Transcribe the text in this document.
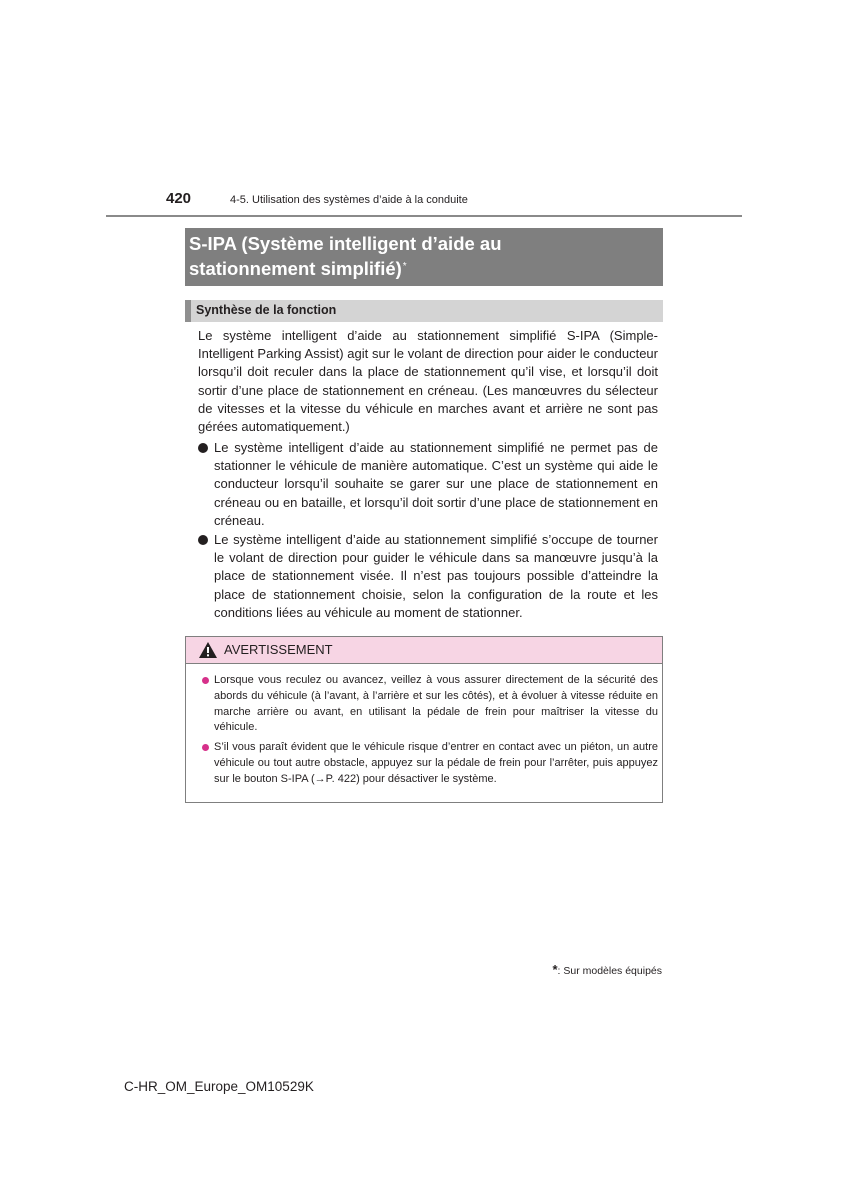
420	4-5. Utilisation des systèmes d’aide à la conduite
S-IPA (Système intelligent d’aide au
stationnement simplifié)*
Synthèse de la fonction
Le système intelligent d’aide au stationnement simplifié S-IPA (Simple-Intelligent Parking Assist) agit sur le volant de direction pour aider le conducteur lorsqu’il doit reculer dans la place de stationnement qu’il vise, et lorsqu’il doit sortir d’une place de stationnement en créneau. (Les manœuvres du sélecteur de vitesses et la vitesse du véhicule en marches avant et arrière ne sont pas gérées automatiquement.)
Le système intelligent d’aide au stationnement simplifié ne permet pas de stationner le véhicule de manière automatique. C’est un système qui aide le conducteur lorsqu’il souhaite se garer sur une place de stationnement en créneau ou en bataille, et lorsqu’il doit sortir d’une place de stationnement en créneau.
Le système intelligent d’aide au stationnement simplifié s’occupe de tourner le volant de direction pour guider le véhicule dans sa manœuvre jusqu’à la place de stationnement visée. Il n’est pas toujours possible d’atteindre la place de stationnement choisie, selon la configuration de la route et les conditions liées au véhicule au moment de stationner.
AVERTISSEMENT
Lorsque vous reculez ou avancez, veillez à vous assurer directement de la sécurité des abords du véhicule (à l’avant, à l’arrière et sur les côtés), et à évoluer à vitesse réduite en marche arrière ou avant, en utilisant la pédale de frein pour maîtriser la vitesse du véhicule.
S’il vous paraît évident que le véhicule risque d’entrer en contact avec un piéton, un autre véhicule ou tout autre obstacle, appuyez sur la pédale de frein pour l’arrêter, puis appuyez sur le bouton S-IPA (→P. 422) pour désactiver le système.
*: Sur modèles équipés
C-HR_OM_Europe_OM10529K
